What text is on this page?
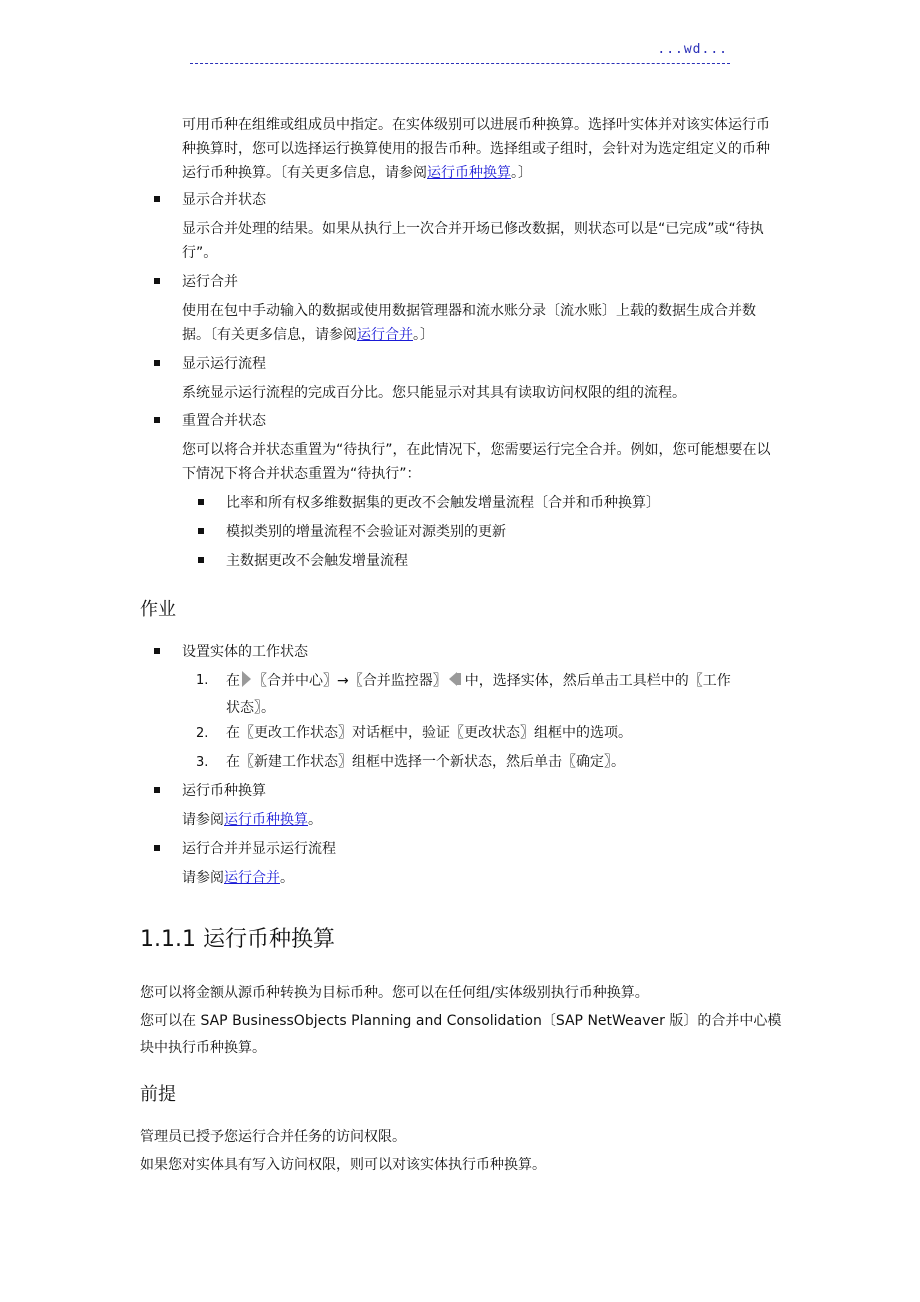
...wd...

可用币种在组维或组成员中指定。在实体级别可以进展币种换算。选择叶实体并对该实体运行币种换算时，您可以选择运行换算使用的报告币种。选择组或子组时，会针对为选定组定义的币种运行币种换算。〔有关更多信息，请参阅运行币种换算。〕

显示合并状态

显示合并处理的结果。如果从执行上一次合并开场已修改数据，则状态可以是“已完成”或“待执行”。

运行合并

使用在包中手动输入的数据或使用数据管理器和流水账分录〔流水账〕上载的数据生成合并数据。〔有关更多信息，请参阅运行合并。〕

显示运行流程

系统显示运行流程的完成百分比。您只能显示对其具有读取访问权限的组的流程。

重置合并状态

您可以将合并状态重置为“待执行”，在此情况下，您需要运行完全合并。例如，您可能想要在以下情况下将合并状态重置为“待执行”：

比率和所有权多维数据集的更改不会触发增量流程〔合并和币种换算〕

模拟类别的增量流程不会验证对源类别的更新

主数据更改不会触发增量流程

作业

设置实体的工作状态

1. 在 〖合并中心〗→〖合并监控器〗 中，选择实体，然后单击工具栏中的〖工作
状态〗。

2. 在〖更改工作状态〗对话框中，验证〖更改状态〗组框中的选项。

3. 在〖新建工作状态〗组框中选择一个新状态，然后单击〖确定〗。

运行币种换算

请参阅运行币种换算。

运行合并并显示运行流程

请参阅运行合并。

1.1.1 运行币种换算

您可以将金额从源币种转换为目标币种。您可以在任何组/实体级别执行币种换算。

您可以在 SAP BusinessObjects Planning and Consolidation〔SAP NetWeaver 版〕的合并中心模块中执行币种换算。

前提

管理员已授予您运行合并任务的访问权限。

如果您对实体具有写入访问权限，则可以对该实体执行币种换算。
